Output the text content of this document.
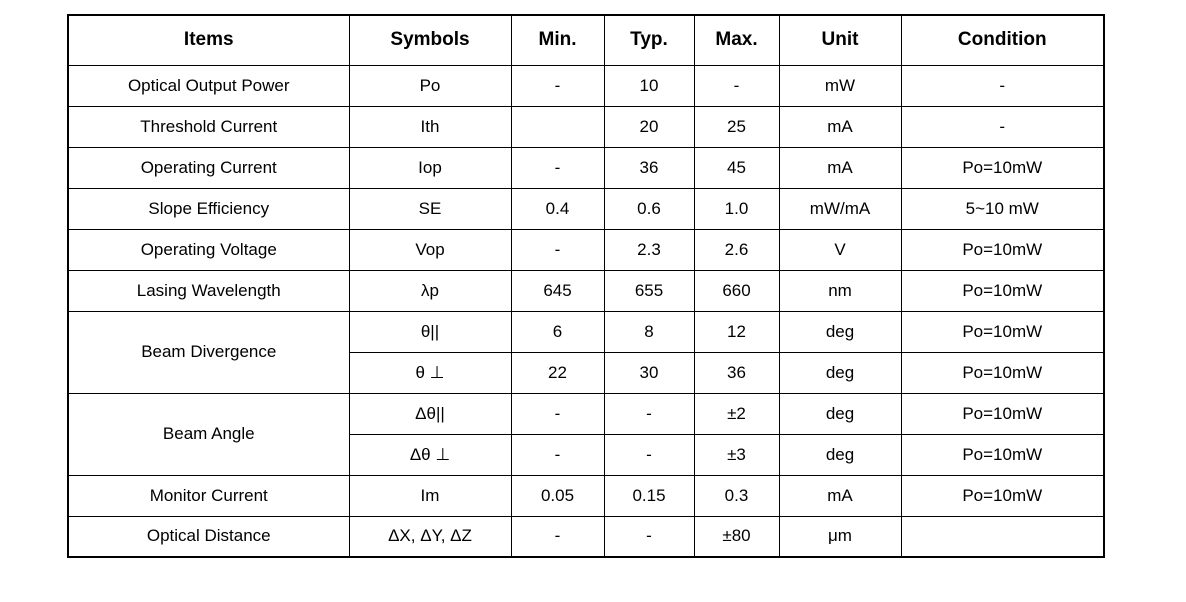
Items	Symbols	Min.	Typ.	Max.	Unit	Condition
Optical Output Power	Po	-	10	-	mW	-
Threshold Current	Ith		20	25	mA	-
Operating Current	Iop	-	36	45	mA	Po=10mW
Slope Efficiency	SE	0.4	0.6	1.0	mW/mA	5~10 mW
Operating Voltage	Vop	-	2.3	2.6	V	Po=10mW
Lasing Wavelength	λp	645	655	660	nm	Po=10mW
Beam Divergence	θ||	6	8	12	deg	Po=10mW
	θ ⊥	22	30	36	deg	Po=10mW
Beam Angle	Δθ||	-	-	±2	deg	Po=10mW
	Δθ ⊥	-	-	±3	deg	Po=10mW
Monitor Current	Im	0.05	0.15	0.3	mA	Po=10mW
Optical Distance	ΔX, ΔY, ΔZ	-	-	±80	μm	
